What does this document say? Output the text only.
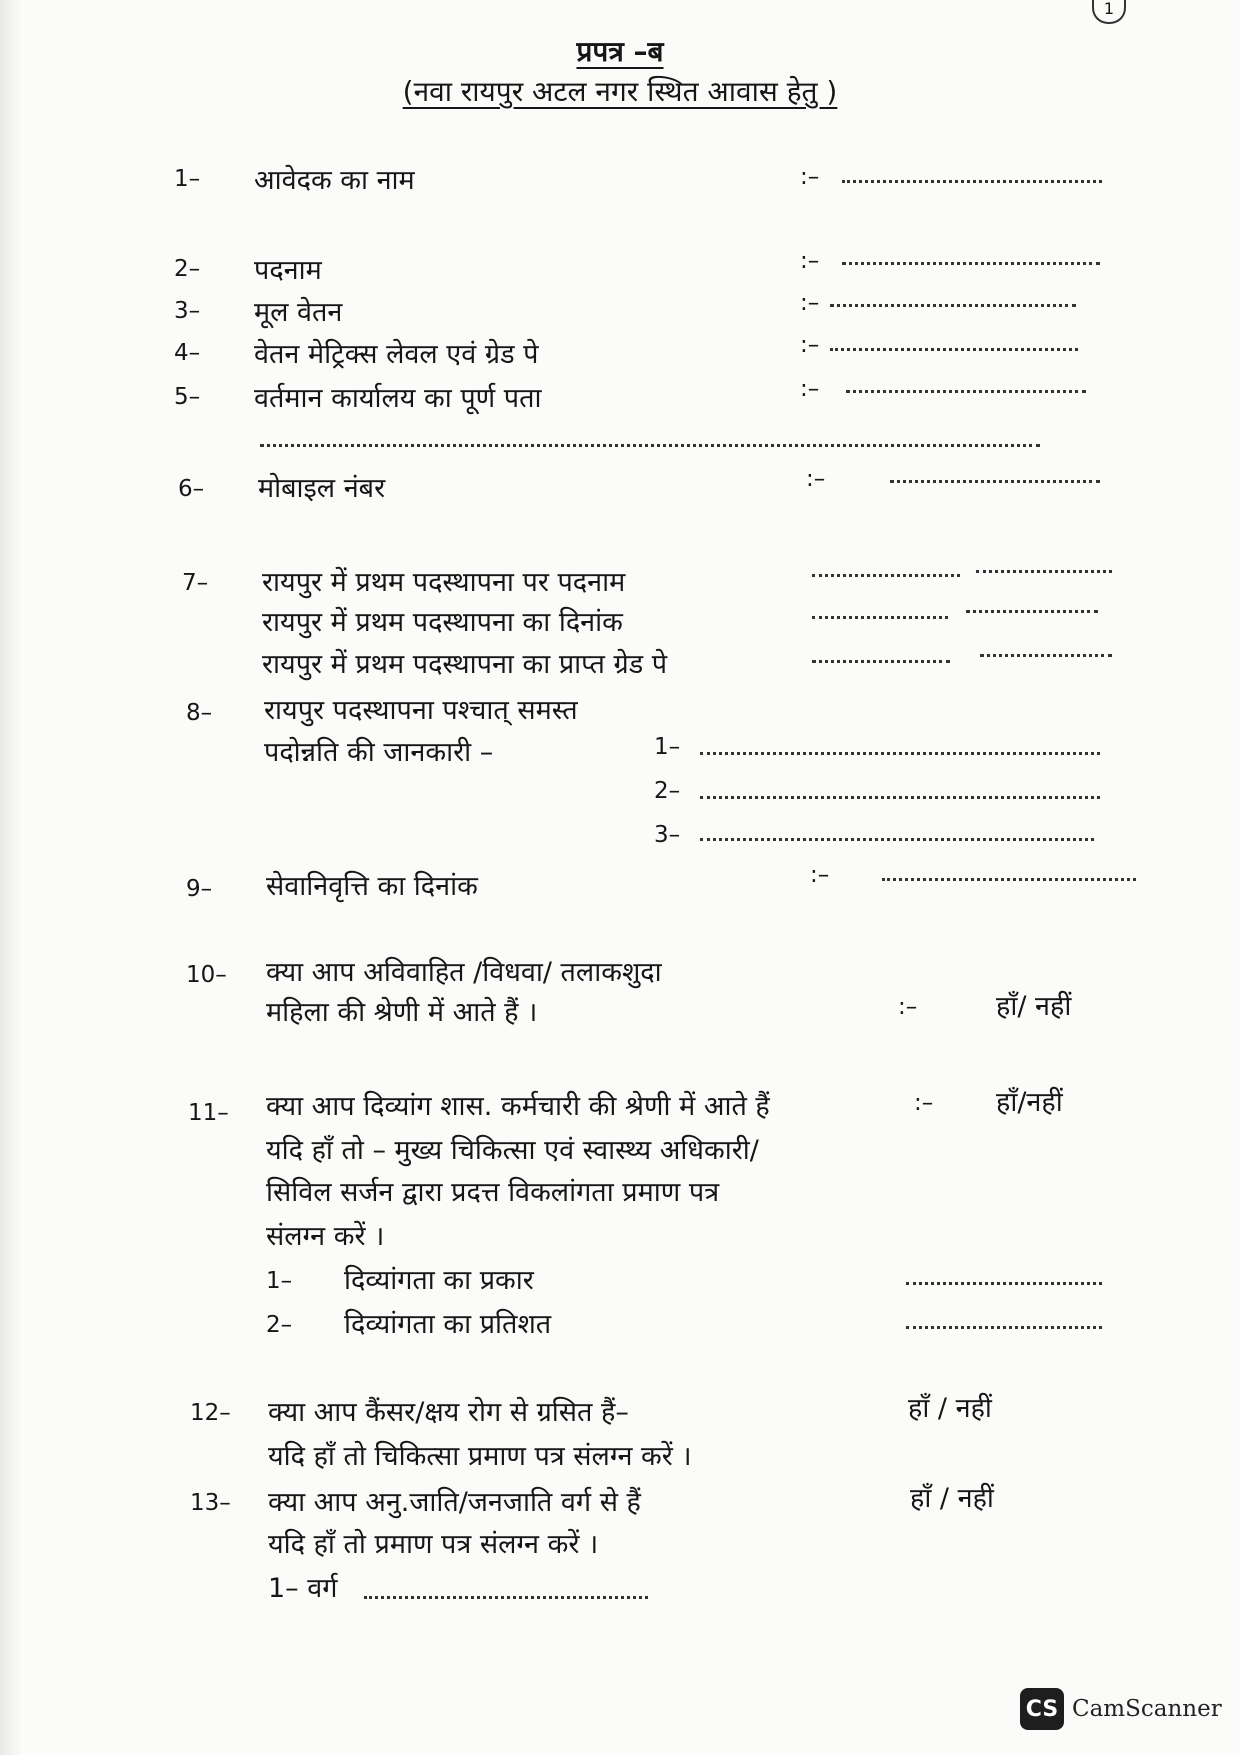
1
प्रपत्र –ब
(नवा रायपुर अटल नगर स्थित आवास हेतु )
1– आवेदक का नाम	:–
2– पदनाम	:–
3– मूल वेतन	:–
4– वेतन मेट्रिक्स लेवल एवं ग्रेड पे	:–
5– वर्तमान कार्यालय का पूर्ण पता	:–
6– मोबाइल नंबर	:–
7– रायपुर में प्रथम पदस्थापना पर पदनाम
रायपुर में प्रथम पदस्थापना का दिनांक
रायपुर में प्रथम पदस्थापना का प्राप्त ग्रेड पे
8– रायपुर पदस्थापना पश्चात् समस्त
पदोन्नति की जानकारी –	1–
2–
3–
9– सेवानिवृत्ति का दिनांक	:–
10– क्या आप अविवाहित /विधवा/ तलाकशुदा
महिला की श्रेणी में आते हैं ।	:–	हॉं/ नहीं
11– क्या आप दिव्यांग शास. कर्मचारी की श्रेणी में आते हैं
यदि हॉं तो – मुख्य चिकित्सा एवं स्वास्थ्य अधिकारी/
सिविल सर्जन द्वारा प्रदत्त विकलांगता प्रमाण पत्र
संलग्न करें ।
:– हॉं/नहीं
1– दिव्यांगता का प्रकार
2– दिव्यांगता का प्रतिशत
12– क्या आप कैंसर/क्षय रोग से ग्रसित हैं–
यदि हॉं तो चिकित्सा प्रमाण पत्र संलग्न करें ।
हॉं / नहीं
13– क्या आप अनु.जाति/जनजाति वर्ग से हैं
यदि हॉं तो प्रमाण पत्र संलग्न करें ।
हॉं / नहीं
1– वर्ग
CS CamScanner
